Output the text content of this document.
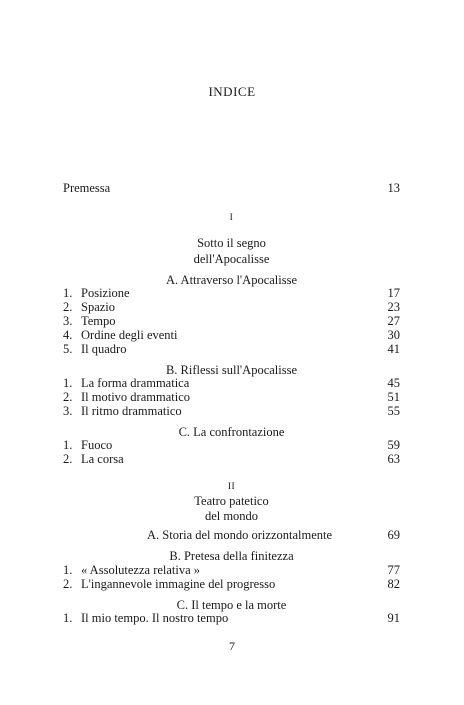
INDICE
Premessa	13
I
Sotto il segno
dell'Apocalisse
A. Attraverso l'Apocalisse
1. Posizione	17
2. Spazio	23
3. Tempo	27
4. Ordine degli eventi	30
5. Il quadro	41
B. Riflessi sull'Apocalisse
1. La forma drammatica	45
2. Il motivo drammatico	51
3. Il ritmo drammatico	55
C. La confrontazione
1. Fuoco	59
2. La corsa	63
II
Teatro patetico
del mondo
A. Storia del mondo orizzontalmente	69
B. Pretesa della finitezza
1. « Assolutezza relativa »	77
2. L'ingannevole immagine del progresso	82
C. Il tempo e la morte
1. Il mio tempo. Il nostro tempo	91
7
